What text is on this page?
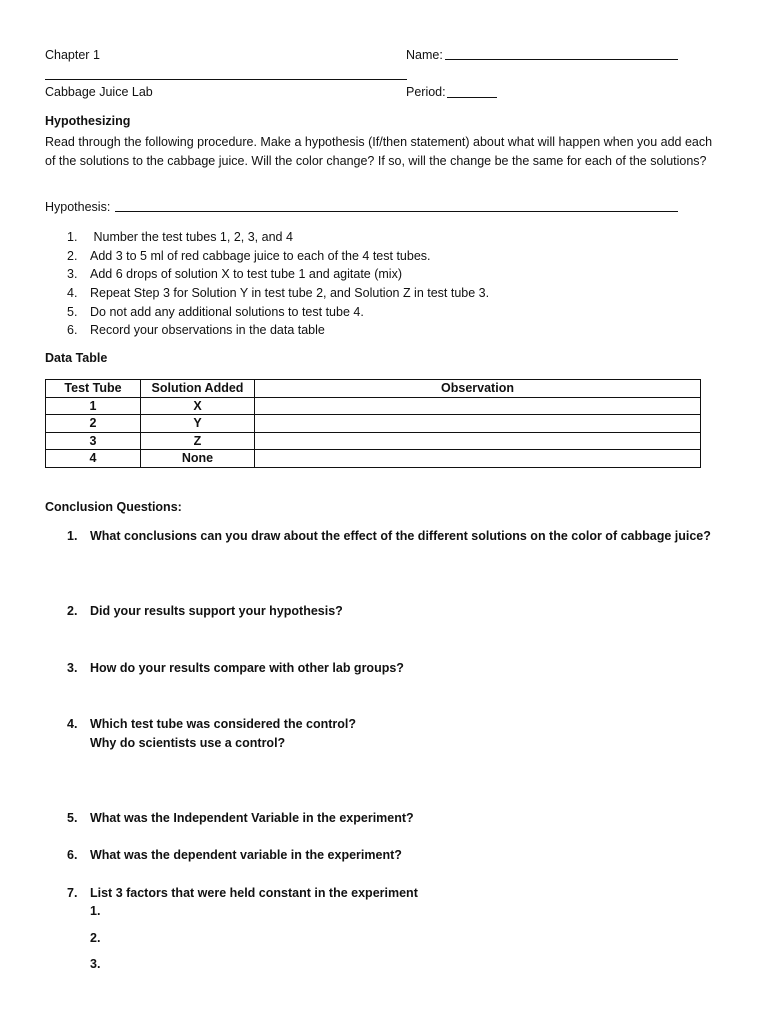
Chapter 1	Name:
Cabbage Juice Lab	Period:
Hypothesizing
Read through the following procedure. Make a hypothesis (If/then statement) about what will happen when you add each of the solutions to the cabbage juice. Will the color change? If so, will the change be the same for each of the solutions?
Hypothesis:
1. Number the test tubes 1, 2, 3, and 4
2. Add 3 to 5 ml of red cabbage juice to each of the 4 test tubes.
3. Add 6 drops of solution X to test tube 1 and agitate (mix)
4. Repeat Step 3 for Solution Y in test tube 2, and Solution Z in test tube 3.
5. Do not add any additional solutions to test tube 4.
6. Record your observations in the data table
Data Table
Test Tube	Solution Added	Observation
1	X	
2	Y	
3	Z	
4	None	
Conclusion Questions:
1. What conclusions can you draw about the effect of the different solutions on the color of cabbage juice?
2. Did your results support your hypothesis?
3. How do your results compare with other lab groups?
4. Which test tube was considered the control?
Why do scientists use a control?
5. What was the Independent Variable in the experiment?
6. What was the dependent variable in the experiment?
7. List 3 factors that were held constant in the experiment
1.
2.
3.
